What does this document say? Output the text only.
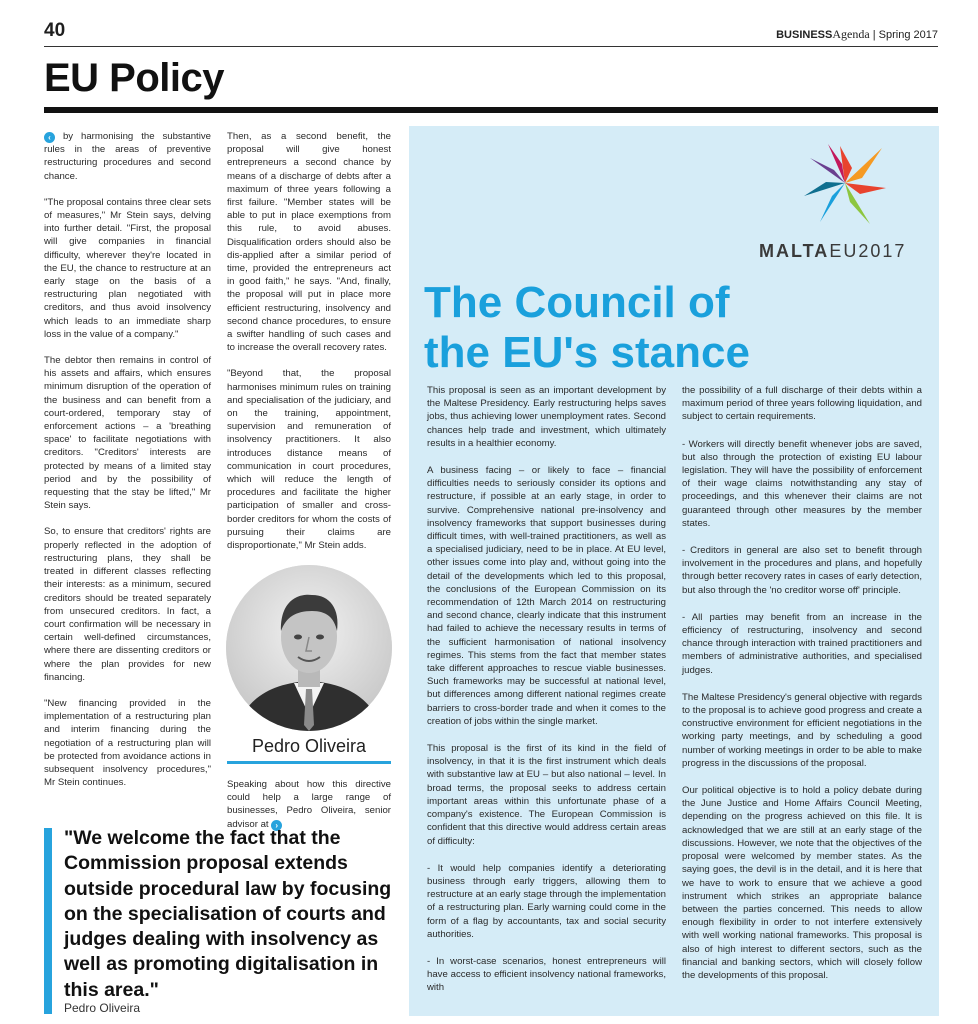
40	BUSINESSAgenda | Spring 2017
EU Policy

‹ by harmonising the substantive rules in the areas of preventive restructuring procedures and second chance.

"The proposal contains three clear sets of measures," Mr Stein says, delving into further detail. "First, the proposal will give companies in financial difficulty, wherever they're located in the EU, the chance to restructure at an early stage on the basis of a restructuring plan negotiated with creditors, and thus avoid insolvency which leads to an immediate sharp loss in the value of a company."

The debtor then remains in control of his assets and affairs, which ensures minimum disruption of the operation of the business and can benefit from a court-ordered, temporary stay of enforcement actions – a 'breathing space' to facilitate negotiations with creditors. "Creditors' interests are protected by means of a limited stay period and by the possibility of requesting that the stay be lifted," Mr Stein says.

So, to ensure that creditors' rights are properly reflected in the adoption of restructuring plans, they shall be treated in different classes reflecting their interests: as a minimum, secured creditors should be treated separately from unsecured creditors. In fact, a court confirmation will be necessary in certain well-defined circumstances, where there are dissenting creditors or where the plan provides for new financing.

"New financing provided in the implementation of a restructuring plan and interim financing during the negotiation of a restructuring plan will be protected from avoidance actions in subsequent insolvency procedures," Mr Stein continues.

Then, as a second benefit, the proposal will give honest entrepreneurs a second chance by means of a discharge of debts after a maximum of three years following a first failure. "Member states will be able to put in place exemptions from this rule, to avoid abuses. Disqualification orders should also be dis-applied after a similar period of time, provided the entrepreneurs act in good faith," he says. "And, finally, the proposal will put in place more efficient restructuring, insolvency and second chance procedures, to ensure a swifter handling of such cases and to increase the overall recovery rates.

"Beyond that, the proposal harmonises minimum rules on training and specialisation of the judiciary, and on the training, appointment, supervision and remuneration of insolvency practitioners. It also introduces distance means of communication in court procedures, which will reduce the length of procedures and facilitate the higher participation of smaller and cross-border creditors for whom the costs of pursuing their claims are disproportionate," Mr Stein adds.

Pedro Oliveira

Speaking about how this directive could help a large range of businesses, Pedro Oliveira, senior advisor at ›

"We welcome the fact that the Commission proposal extends outside procedural law by focusing on the specialisation of courts and judges dealing with insolvency as well as promoting digitalisation in this area."
Pedro Oliveira
MALTAEU2017
The Council of the EU's stance

This proposal is seen as an important development by the Maltese Presidency. Early restructuring helps saves jobs, thus achieving lower unemployment rates. Second chances help trade and investment, which ultimately results in a healthier economy.

A business facing – or likely to face – financial difficulties needs to seriously consider its options and restructure, if possible at an early stage, in order to survive. Comprehensive national pre-insolvency and insolvency frameworks that support businesses during difficult times, with well-trained practitioners, as well as a specialised judiciary, need to be in place. At EU level, other issues come into play and, without going into the detail of the developments which led to this proposal, the conclusions of the European Commission on its recommendation of 12th March 2014 on restructuring and second chance, clearly indicate that this instrument had failed to achieve the necessary results in terms of the sufficient harmonisation of national insolvency regimes. This stems from the fact that member states take different approaches to rescue viable businesses. Such frameworks may be successful at national level, but differences among different national regimes create barriers to cross-border trade and when it comes to the creation of jobs within the single market.

This proposal is the first of its kind in the field of insolvency, in that it is the first instrument which deals with substantive law at EU – but also national – level. In broad terms, the proposal seeks to address certain important areas within this unfortunate phase of a company's existence. The European Commission is confident that this directive would address certain areas of difficulty:

- It would help companies identify a deteriorating business through early triggers, allowing them to restructure at an early stage through the implementation of a restructuring plan. Early warning could come in the form of a flag by accountants, tax and social security authorities.

- In worst-case scenarios, honest entrepreneurs will have access to efficient insolvency national frameworks, with

the possibility of a full discharge of their debts within a maximum period of three years following liquidation, and subject to certain requirements.

- Workers will directly benefit whenever jobs are saved, but also through the protection of existing EU labour legislation. They will have the possibility of enforcement of their wage claims notwithstanding any stay of proceedings, and this whenever their claims are not guaranteed through other measures by the member states.

- Creditors in general are also set to benefit through involvement in the procedures and plans, and hopefully through better recovery rates in cases of early detection, but also through the 'no creditor worse off' principle.

- All parties may benefit from an increase in the efficiency of restructuring, insolvency and second chance through interaction with trained practitioners and members of administrative authorities, and specialised judges.

The Maltese Presidency's general objective with regards to the proposal is to achieve good progress and create a constructive environment for efficient negotiations in the working party meetings, and by scheduling a good number of working meetings in order to be able to make progress in the discussions of the proposal.

Our political objective is to hold a policy debate during the June Justice and Home Affairs Council Meeting, depending on the progress achieved on this file. It is acknowledged that we are still at an early stage of the discussions. However, we note that the objectives of the proposal were welcomed by member states. As the saying goes, the devil is in the detail, and it is here that we have to work to ensure that we achieve a good instrument which strikes an appropriate balance between the parties concerned. This needs to allow enough flexibility in order to not interfere extensively with well working national frameworks. This proposal is also of high interest to different sectors, such as the financial and banking sectors, which will closely follow the developments of this proposal.
